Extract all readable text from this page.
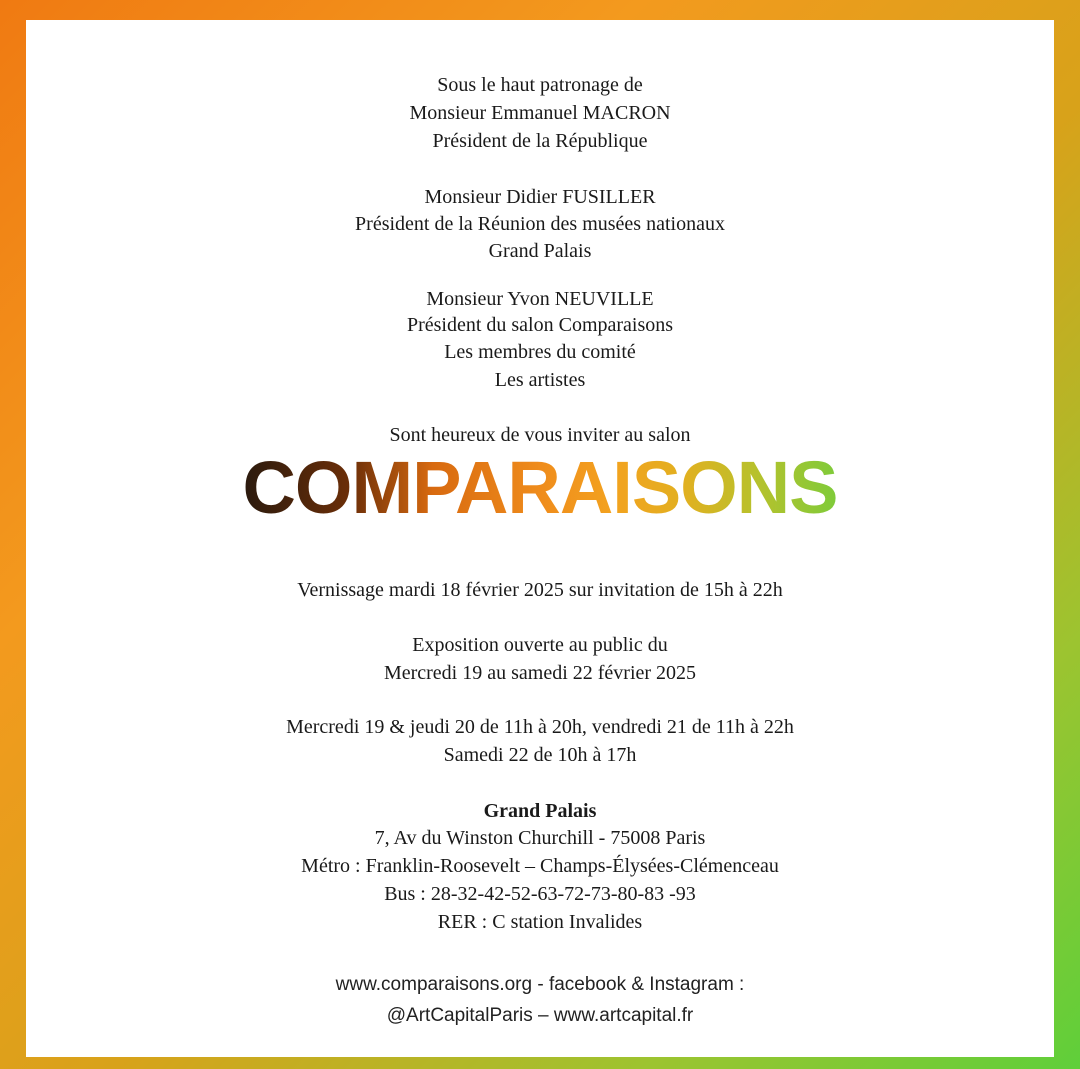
Sous le haut patronage de
Monsieur Emmanuel MACRON
Président de la République
Monsieur Didier FUSILLER
Président de la Réunion des musées nationaux
Grand Palais
Monsieur Yvon NEUVILLE
Président du salon Comparaisons
Les membres du comité
Les artistes
Sont heureux de vous inviter au salon
COMPARAISONS
Vernissage mardi 18 février 2025 sur invitation de 15h à 22h
Exposition ouverte au public du
Mercredi 19 au samedi 22 février 2025
Mercredi 19 & jeudi 20 de 11h à 20h, vendredi 21 de 11h à 22h
Samedi 22 de 10h à 17h
Grand Palais
7, Av du Winston Churchill - 75008 Paris
Métro : Franklin-Roosevelt – Champs-Élysées-Clémenceau
Bus : 28-32-42-52-63-72-73-80-83 -93
RER : C station Invalides
www.comparaisons.org - facebook & Instagram :
@ArtCapitalParis – www.artcapital.fr
